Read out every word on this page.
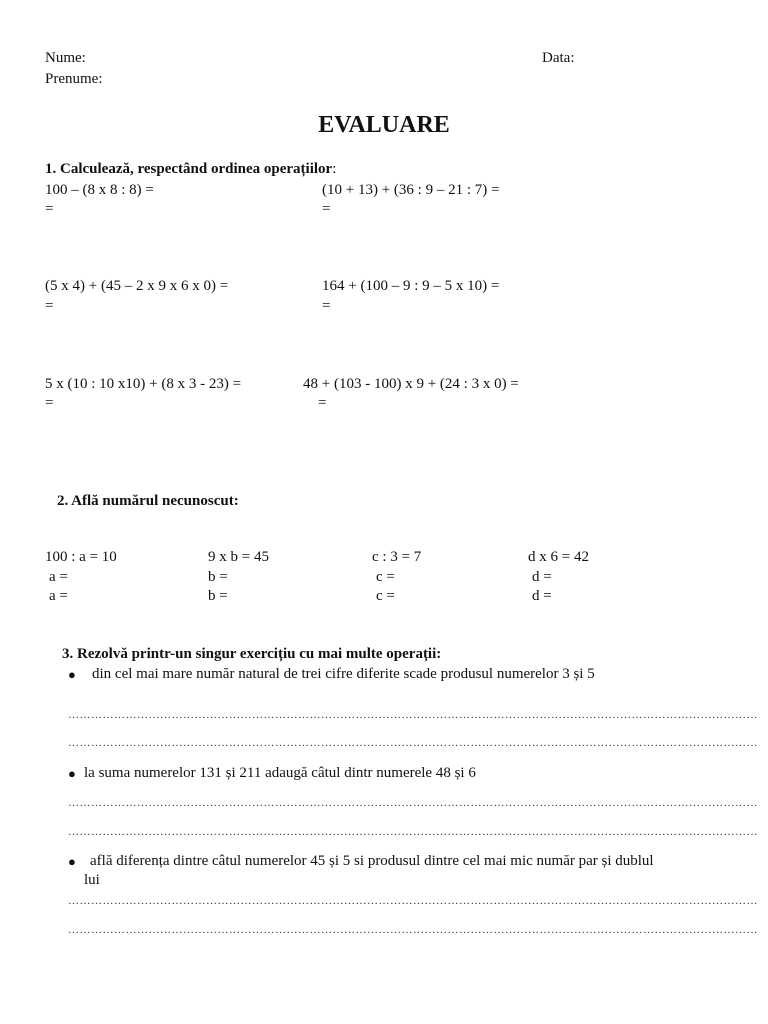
Nume:	Data:
Prenume:
EVALUARE
1. Calculează, respectând ordinea operațiilor:
100 – (8 x 8 : 8) =
=
(10 + 13) + (36 : 9 – 21 : 7) =
=
(5 x 4) + (45 – 2 x 9 x 6 x 0) =
=
164 + (100 – 9 : 9 – 5 x 10) =
=
5 x (10 : 10 x10) + (8 x 3 - 23) =
=
48 + (103 - 100) x 9 + (24 : 3 x 0) =
=
2. Află numărul necunoscut:
100 : a = 10
a =
a =
9 x b = 45
b =
b =
c : 3 = 7
c =
c =
d x 6 = 42
d =
d =
3. Rezolvă printr-un singur exercițiu cu mai multe operații:
● din cel mai mare număr natural de trei cifre diferite scade produsul numerelor 3 și 5
………………………………………………………………………………………………………………………………………………………………
………………………………………………………………………………………………………………………………………………………………
● la suma numerelor 131 și 211 adaugă câtul dintr numerele 48 și 6
………………………………………………………………………………………………………………………………………………………………
………………………………………………………………………………………………………………………………………………………………
● află diferența dintre câtul numerelor 45 și 5 si produsul dintre cel mai mic număr par și dublul
lui
………………………………………………………………………………………………………………………………………………………………
………………………………………………………………………………………………………………………………………………………………
